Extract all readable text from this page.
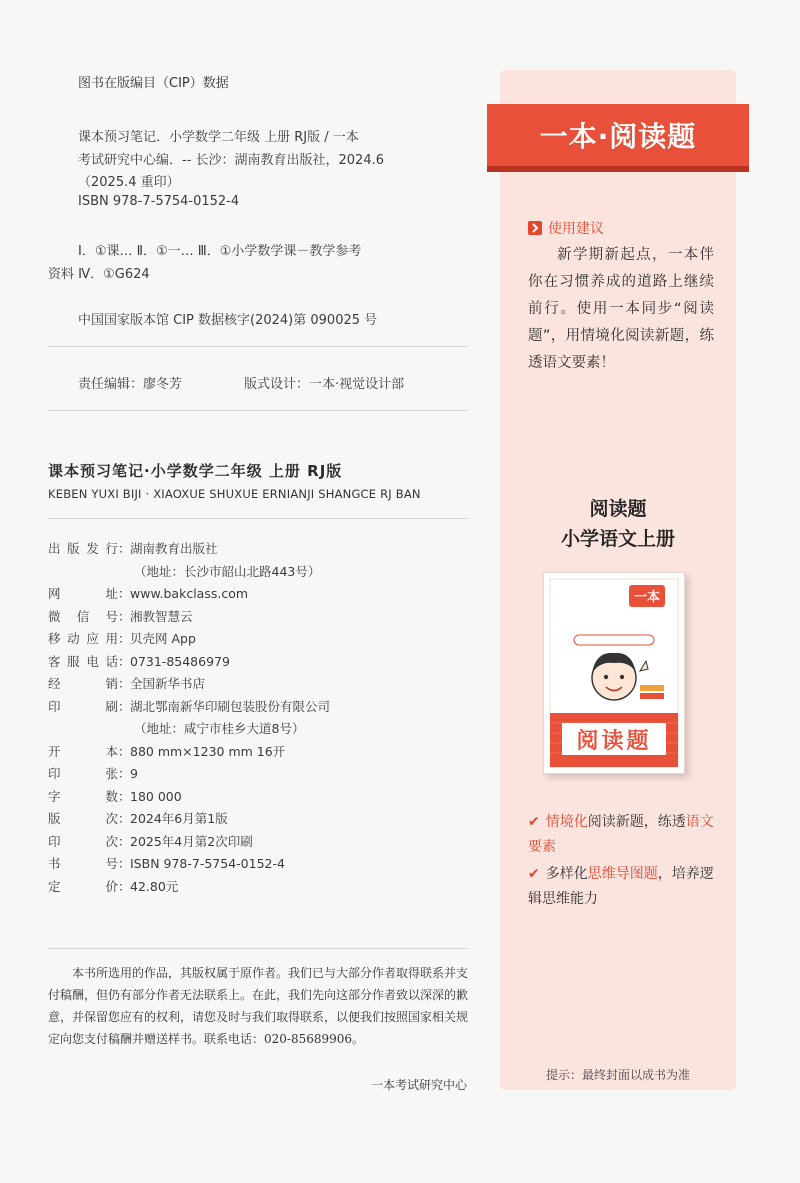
图书在版编目（CIP）数据
课本预习笔记．小学数学二年级 上册 RJ版 / 一本
考试研究中心编．-- 长沙：湖南教育出版社，2024.6
（2025.4 重印）
ISBN 978-7-5754-0152-4
Ⅰ．①课… Ⅱ．①一… Ⅲ．①小学数学课－教学参考
资料 Ⅳ．①G624
中国国家版本馆 CIP 数据核字(2024)第 090025 号
责任编辑：廖冬芳	版式设计：一本·视觉设计部
课本预习笔记·小学数学二年级 上册 RJ版
KEBEN YUXI BIJI · XIAOXUE SHUXUE ERNIANJI SHANGCE RJ BAN
出 版 发 行 ： 湖南教育出版社
（地址：长沙市韶山北路443号）
网	址 ： www.bakclass.com
微 信 号 ： 湘教智慧云
移 动 应 用 ： 贝壳网 App
客 服 电 话 ： 0731-85486979
经	销 ： 全国新华书店
印	刷 ： 湖北鄂南新华印刷包装股份有限公司
（地址：咸宁市桂乡大道8号）
开	本 ： 880 mm×1230 mm 16开
印	张 ： 9
字	数 ： 180 000
版	次 ： 2024年6月第1版
印	次 ： 2025年4月第2次印刷
书	号 ： ISBN 978-7-5754-0152-4
定	价 ： 42.80元

本书所选用的作品，其版权属于原作者。我们已与大部分作者取得联系并支付稿酬，但仍有部分作者无法联系上。在此，我们先向这部分作者致以深深的歉意，并保留您应有的权利，请您及时与我们取得联系，以便我们按照国家相关规定向您支付稿酬并赠送样书。联系电话：020-85689906。

一本考试研究中心
一本·阅读题
使用建议
新学期新起点，一本伴你在习惯养成的道路上继续前行。使用一本同步“阅读题”，用情境化阅读新题，练透语文要素！
阅读题
小学语文上册
一本
阅读题
✔ 情境化阅读新题，练透语文要素
✔ 多样化思维导图题，培养逻辑思维能力
提示：最终封面以成书为准
